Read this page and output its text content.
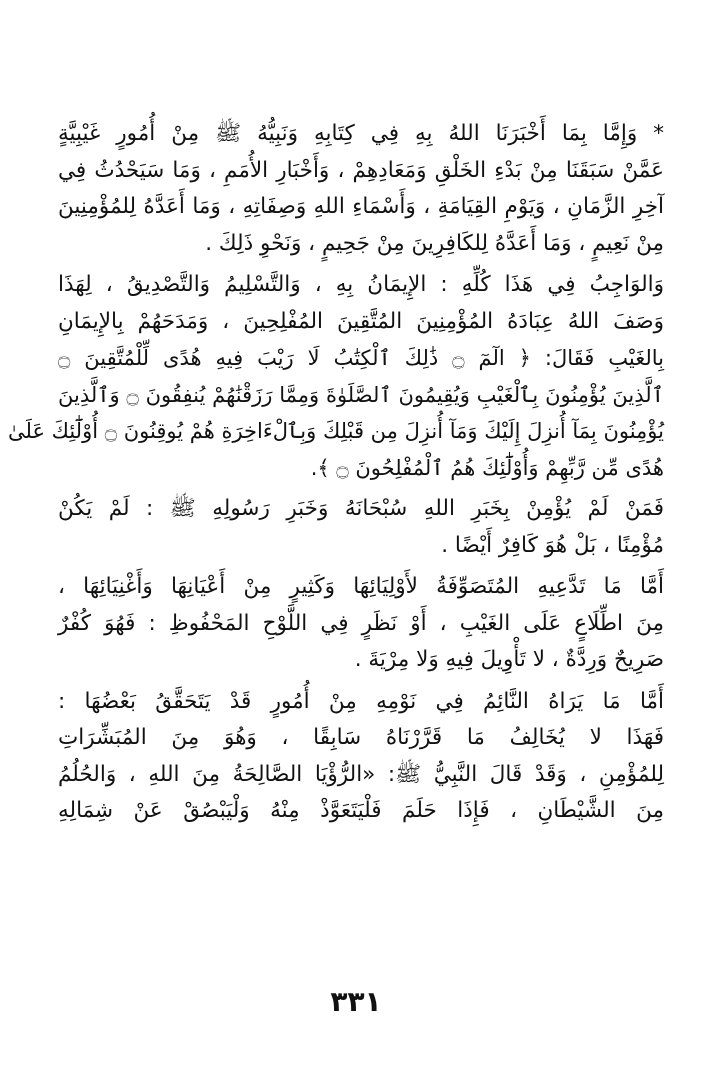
* وَإِمَّا بِمَا أَخْبَرَنَا اللهُ بِهِ فِي كِتَابِهِ وَنَبِيُّهُ ﷺ مِنْ أُمُورٍ غَيْبِيَّةٍ
عَمَّنْ سَبَقَنَا مِنْ بَدْءِ الخَلْقِ وَمَعَادِهِمْ ، وَأَخْبَارِ الأُمَمِ ، وَمَا سَيَحْدُثُ فِي
آخِرِ الزَّمَانِ ، وَيَوْمِ القِيَامَةِ ، وَأَسْمَاءِ اللهِ وَصِفَاتِهِ ، وَمَا أَعَدَّهُ لِلمُؤْمِنِينَ
مِنْ نَعِيمٍ ، وَمَا أَعَدَّهُ لِلكَافِرِينَ مِنْ جَحِيمٍ ، وَنَحْوِ ذَلِكَ .
وَالوَاجِبُ فِي هَذَا كُلِّهِ : الإِيمَانُ بِهِ ، وَالتَّسْلِيمُ وَالتَّصْدِيقُ ، لِهَذَا
وَصَفَ اللهُ عِبَادَهُ المُؤْمِنِينَ المُتَّقِينَ المُفْلِحِينَ ، وَمَدَحَهُمْ بِالإِيمَانِ
بِالغَيْبِ فَقَالَ: ﴿ الٓمٓ ۝ ذَٰلِكَ ٱلْكِتَٰبُ لَا رَيْبَ فِيهِ هُدًى لِّلْمُتَّقِينَ ۝
ٱلَّذِينَ يُؤْمِنُونَ بِٱلْغَيْبِ وَيُقِيمُونَ ٱلصَّلَوٰةَ وَمِمَّا رَزَقْنَٰهُمْ يُنفِقُونَ ۝ وَٱلَّذِينَ
يُؤْمِنُونَ بِمَآ أُنزِلَ إِلَيْكَ وَمَآ أُنزِلَ مِن قَبْلِكَ وَبِٱلْءَاخِرَةِ هُمْ يُوقِنُونَ ۝ أُوْلَٰٓئِكَ عَلَىٰ
هُدًى مِّن رَّبِّهِمْ وَأُوْلَٰٓئِكَ هُمُ ٱلْمُفْلِحُونَ ۝ ﴾.
فَمَنْ لَمْ يُؤْمِنْ بِخَبَرِ اللهِ سُبْحَانَهُ وَخَبَرِ رَسُولِهِ ﷺ : لَمْ يَكُنْ
مُؤْمِنًا ، بَلْ هُوَ كَافِرٌ أَيْضًا .
أَمَّا مَا تَدَّعِيهِ المُتَصَوِّفَةُ لأَوْلِيَائِهَا وَكَثِيرٍ مِنْ أَعْيَانِهَا وَأَغْنِيَائِهَا ،
مِنَ اطِّلَاعٍ عَلَى الغَيْبِ ، أَوْ نَظَرٍ فِي اللَّوْحِ المَحْفُوظِ : فَهُوَ كُفْرٌ
صَرِيحٌ وَرِدَّةٌ ، لا تَأْوِيلَ فِيهِ وَلا مِرْيَةَ .
أَمَّا مَا يَرَاهُ النَّائِمُ فِي نَوْمِهِ مِنْ أُمُورٍ قَدْ يَتَحَقَّقُ بَعْضُهَا :
فَهَذَا لا يُخَالِفُ مَا قَرَّرْنَاهُ سَابِقًا ، وَهُوَ مِنَ المُبَشِّرَاتِ
لِلمُؤْمِنِ ، وَقَدْ قَالَ النَّبِيُّ ﷺ: «الرُّؤْيَا الصَّالِحَةُ مِنَ اللهِ ، وَالحُلُمُ
مِنَ الشَّيْطَانِ ، فَإِذَا حَلَمَ فَلْيَتَعَوَّذْ مِنْهُ وَلْيَبْصُقْ عَنْ شِمَالِهِ
٣٣١
